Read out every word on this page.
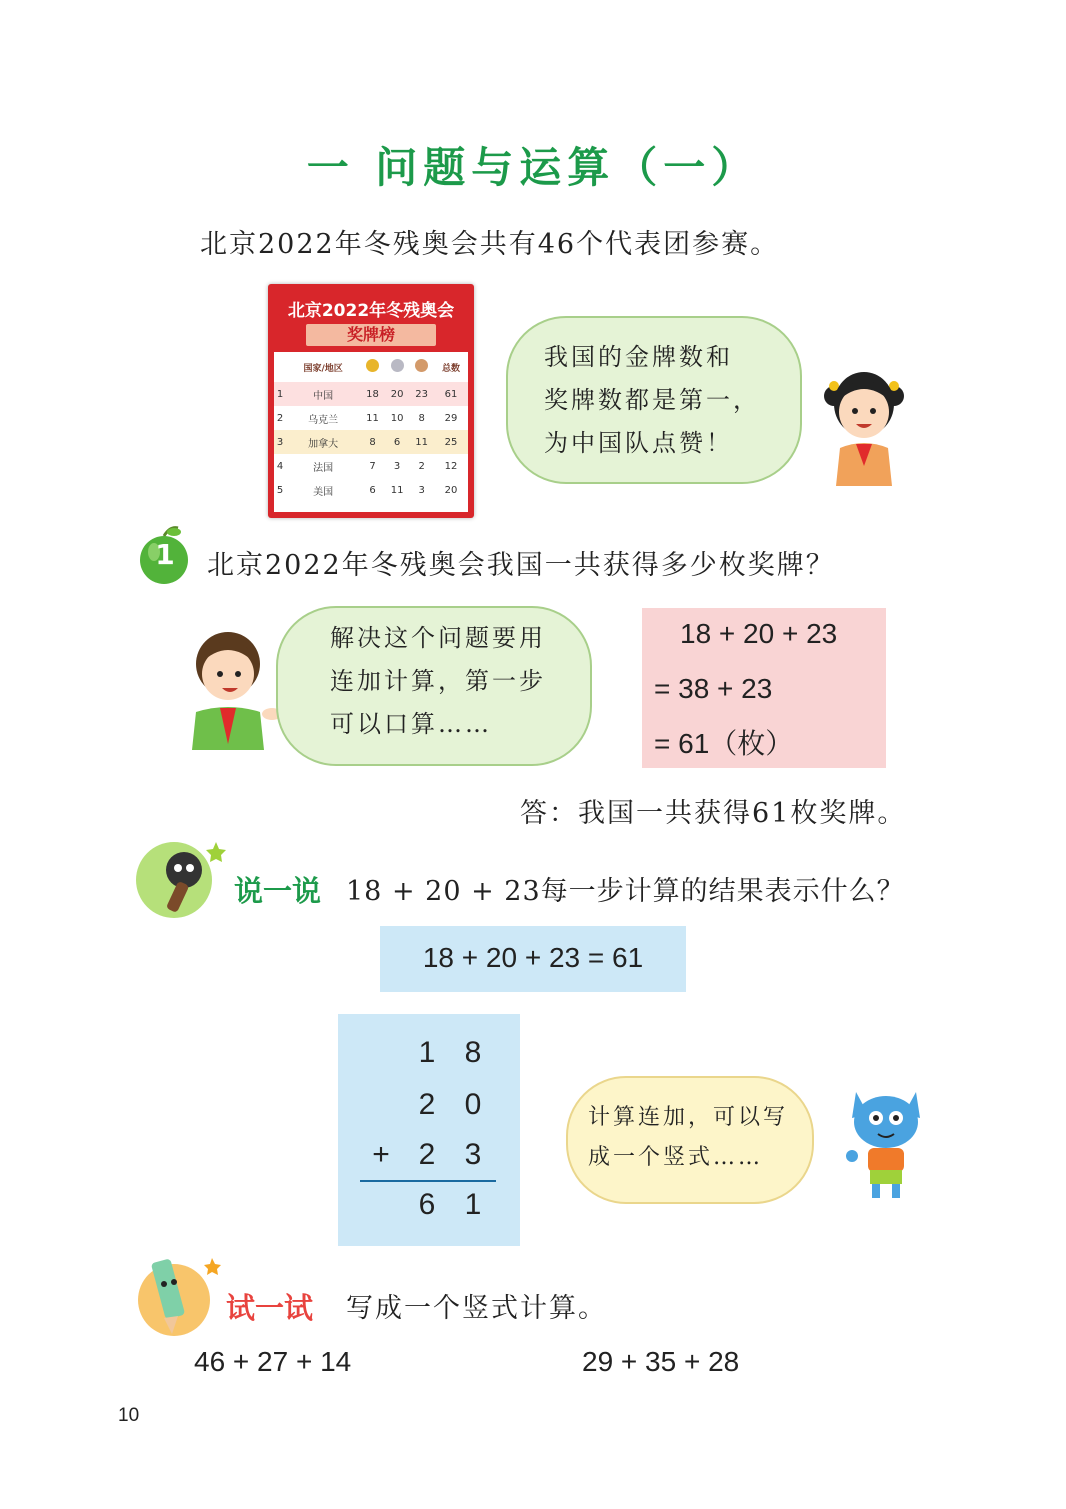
一 问题与运算（一）
北京2022年冬残奥会共有46个代表团参赛。
北京2022年冬残奥会
奖牌榜
	国家/地区				总数
1	中国	18	20	23	61
2	乌克兰	11	10	8	29
3	加拿大	8	6	11	25
4	法国	7	3	2	12
5	美国	6	11	3	20
我国的金牌数和
奖牌数都是第一，
为中国队点赞！
1 北京2022年冬残奥会我国一共获得多少枚奖牌？
解决这个问题要用
连加计算，第一步
可以口算……
18 + 20 + 23
= 38 + 23
= 61（枚）
答：我国一共获得61枚奖牌。
说一说 18 + 20 + 23每一步计算的结果表示什么？
18 + 20 + 23 = 61
1 8
2 0
+ 2 3
6 1
计算连加，可以写
成一个竖式……
试一试 写成一个竖式计算。
46 + 27 + 14	29 + 35 + 28
10
